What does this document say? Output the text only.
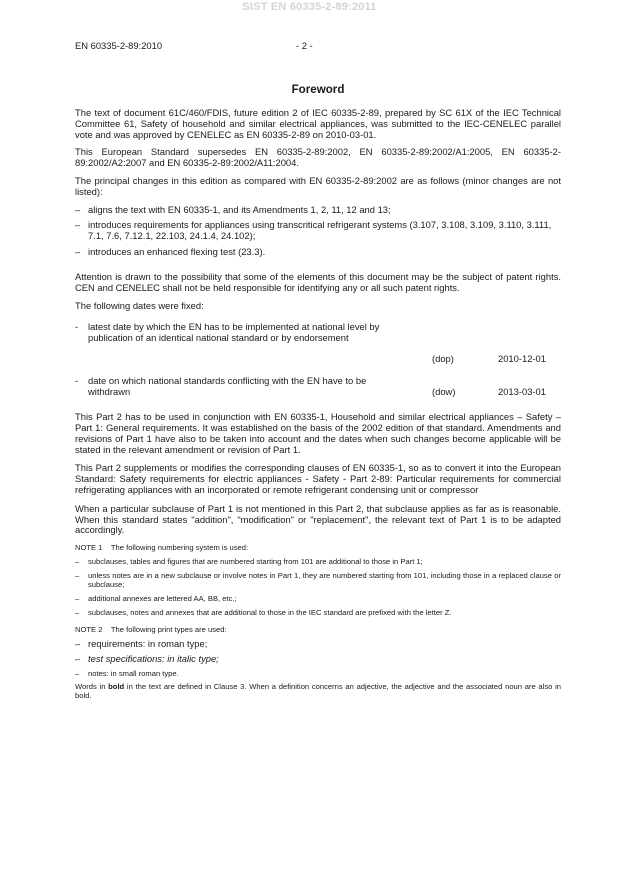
SIST EN 60335-2-89:2011
EN 60335-2-89:2010	- 2 -
Foreword

The text of document 61C/460/FDIS, future edition 2 of IEC 60335-2-89, prepared by SC 61X of the IEC Technical Committee 61, Safety of household and similar electrical appliances, was submitted to the IEC-CENELEC parallel vote and was approved by CENELEC as EN 60335-2-89 on 2010-03-01.

This European Standard supersedes EN 60335-2-89:2002, EN 60335-2-89:2002/A1:2005, EN 60335-2-89:2002/A2:2007 and EN 60335-2-89:2002/A11:2004.

The principal changes in this edition as compared with EN 60335-2-89:2002 are as follows (minor changes are not listed):

– aligns the text with EN 60335-1, and its Amendments 1, 2, 11, 12 and 13;
– introduces requirements for appliances using transcritical refrigerant systems (3.107, 3.108, 3.109, 3.110, 3.111, 7.1, 7.6, 7.12.1, 22.103, 24.1.4, 24.102);
– introduces an enhanced flexing test (23.3).

Attention is drawn to the possibility that some of the elements of this document may be the subject of patent rights. CEN and CENELEC shall not be held responsible for identifying any or all such patent rights.

The following dates were fixed:

- latest date by which the EN has to be implemented at national level by publication of an identical national standard or by endorsement
(dop)	2010-12-01
- date on which national standards conflicting with the EN have to be withdrawn	(dow)	2013-03-01

This Part 2 has to be used in conjunction with EN 60335-1, Household and similar electrical appliances – Safety – Part 1: General requirements. It was established on the basis of the 2002 edition of that standard. Amendments and revisions of Part 1 have also to be taken into account and the dates when such changes become applicable will be stated in the relevant amendment or revision of Part 1.

This Part 2 supplements or modifies the corresponding clauses of EN 60335-1, so as to convert it into the European Standard: Safety requirements for electric appliances - Safety - Part 2-89: Particular requirements for commercial refrigerating appliances with an incorporated or remote refrigerant condensing unit or compressor

When a particular subclause of Part 1 is not mentioned in this Part 2, that subclause applies as far as is reasonable. When this standard states "addition", "modification" or "replacement", the relevant text of Part 1 is to be adapted accordingly.

NOTE 1 The following numbering system is used:
– subclauses, tables and figures that are numbered starting from 101 are additional to those in Part 1;
– unless notes are in a new subclause or involve notes in Part 1, they are numbered starting from 101, including those in a replaced clause or subclause;
– additional annexes are lettered AA, BB, etc.;
– subclauses, notes and annexes that are additional to those in the IEC standard are prefixed with the letter Z.
NOTE 2 The following print types are used:
– requirements: in roman type;
– test specifications: in italic type;
– notes: in small roman type.

Words in bold in the text are defined in Clause 3. When a definition concerns an adjective, the adjective and the associated noun are also in bold.
